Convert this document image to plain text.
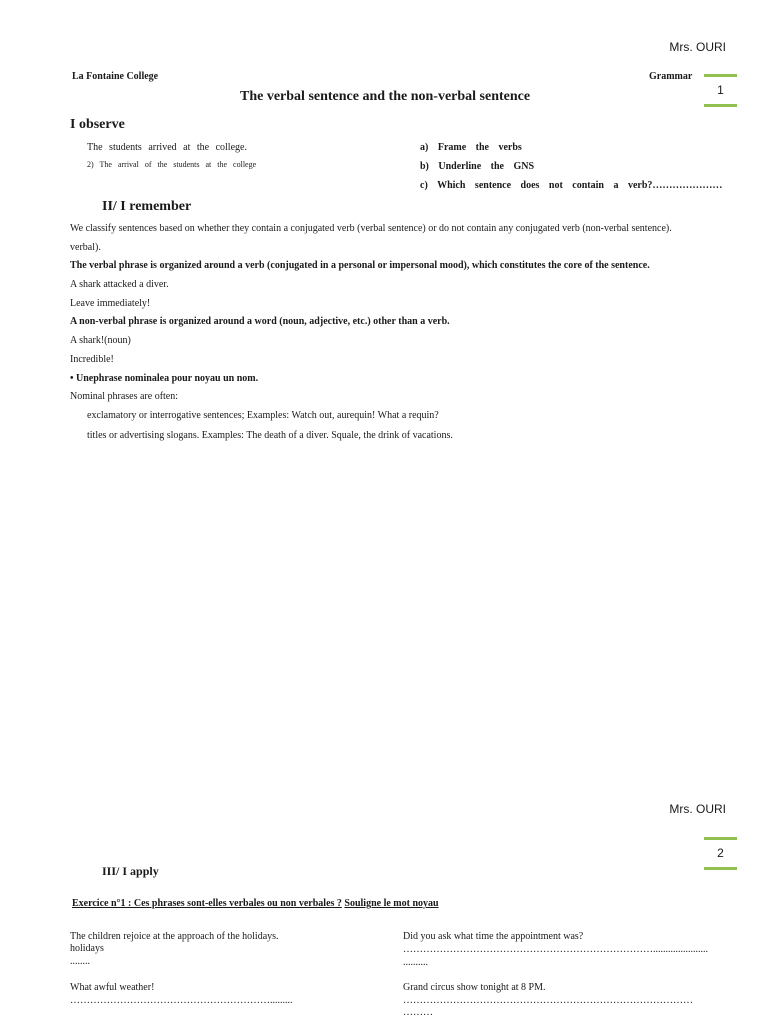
Mrs. OURI
La Fontaine College	Grammar
1
The verbal sentence and the non-verbal sentence
I observe
The students arrived at the college.
2) The arrival of the students at the college
a) Frame the verbs
b) Underline the GNS
c) Which sentence does not contain a verb?…………………
II/ I remember
We classify sentences based on whether they contain a conjugated verb (verbal sentence) or do not contain any conjugated verb (non-verbal sentence).
verbal).
The verbal phrase is organized around a verb (conjugated in a personal or impersonal mood), which constitutes the core of the sentence.
A shark attacked a diver.
Leave immediately!
A non-verbal phrase is organized around a word (noun, adjective, etc.) other than a verb.
A shark!(noun)
Incredible!
• Unephrase nominalea pour noyau un nom.
Nominal phrases are often:
exclamatory or interrogative sentences; Examples: Watch out, aurequin! What a requin?
titles or advertising slogans. Examples: The death of a diver. Squale, the drink of vacations.
Mrs. OURI
2
III/ I apply
Exercice n°1 : Ces phrases sont-elles verbales ou non verbales ? Souligne le mot noyau
The children rejoice at the approach of the holidays.
holidays
........
Did you ask what time the appointment was?
…………………………………………………………………......................
..........
What awful weather!
…………………………………………………….........
Grand circus show tonight at 8 PM.
……………………………………………………………………………
………
